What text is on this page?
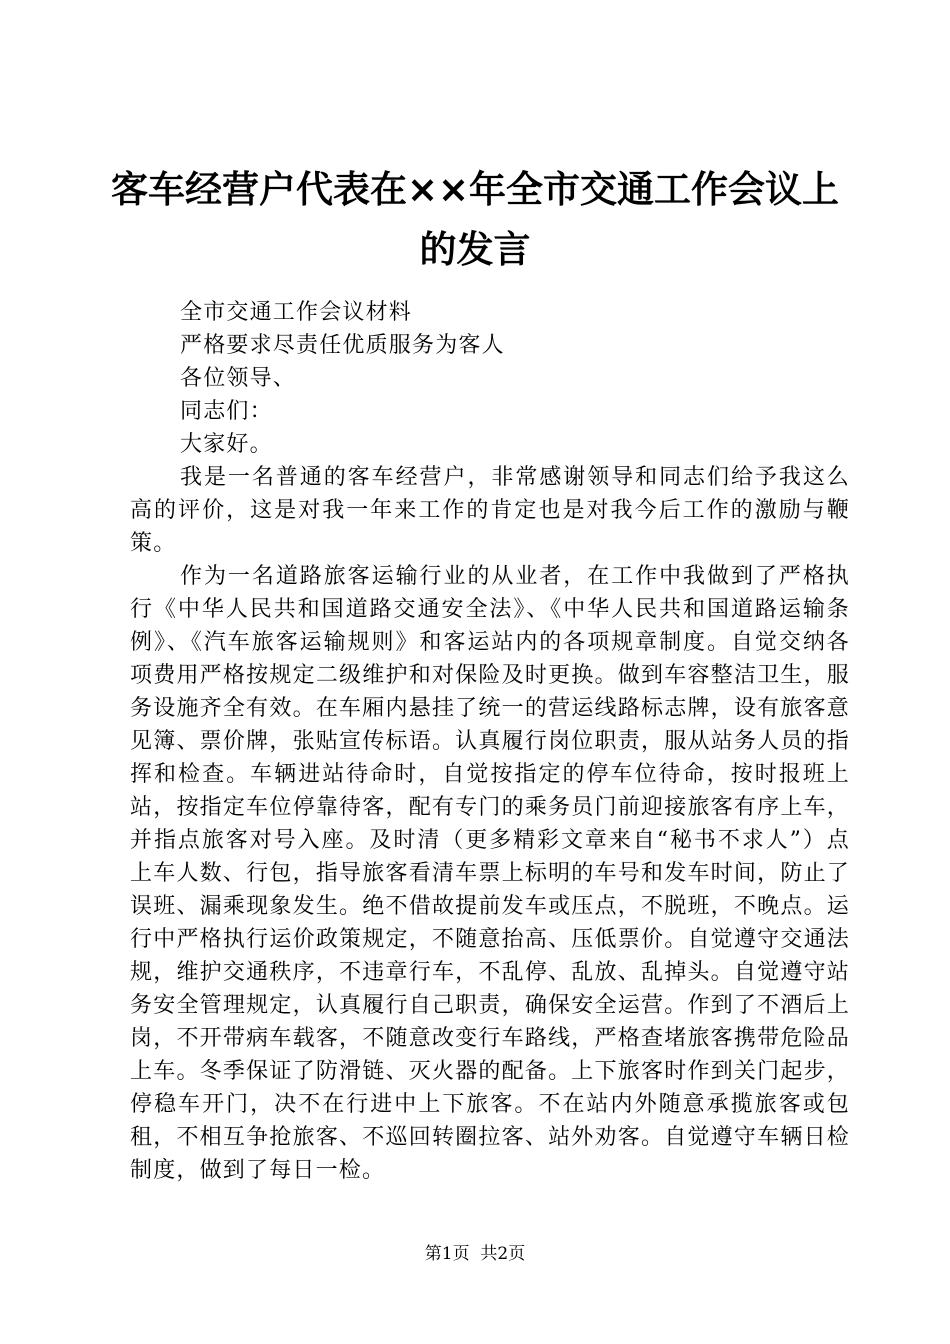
客车经营户代表在××年全市交通工作会议上的发言

全市交通工作会议材料

严格要求尽责任优质服务为客人

各位领导、

同志们：

大家好。

我是一名普通的客车经营户，非常感谢领导和同志们给予我这么高的评价，这是对我一年来工作的肯定也是对我今后工作的激励与鞭策。

作为一名道路旅客运输行业的从业者，在工作中我做到了严格执行《中华人民共和国道路交通安全法》、《中华人民共和国道路运输条例》、《汽车旅客运输规则》和客运站内的各项规章制度。自觉交纳各项费用严格按规定二级维护和对保险及时更换。做到车容整洁卫生，服务设施齐全有效。在车厢内悬挂了统一的营运线路标志牌，设有旅客意见簿、票价牌，张贴宣传标语。认真履行岗位职责，服从站务人员的指挥和检查。车辆进站待命时，自觉按指定的停车位待命，按时报班上站，按指定车位停靠待客，配有专门的乘务员门前迎接旅客有序上车，并指点旅客对号入座。及时清（更多精彩文章来自“秘书不求人”）点上车人数、行包，指导旅客看清车票上标明的车号和发车时间，防止了误班、漏乘现象发生。绝不借故提前发车或压点，不脱班，不晚点。运行中严格执行运价政策规定，不随意抬高、压低票价。自觉遵守交通法规，维护交通秩序，不违章行车，不乱停、乱放、乱掉头。自觉遵守站务安全管理规定，认真履行自己职责，确保安全运营。作到了不酒后上岗，不开带病车载客，不随意改变行车路线，严格查堵旅客携带危险品上车。冬季保证了防滑链、灭火器的配备。上下旅客时作到关门起步，停稳车开门，决不在行进中上下旅客。不在站内外随意承揽旅客或包租，不相互争抢旅客、不巡回转圈拉客、站外劝客。自觉遵守车辆日检制度，做到了每日一检。

第1页  共2页
